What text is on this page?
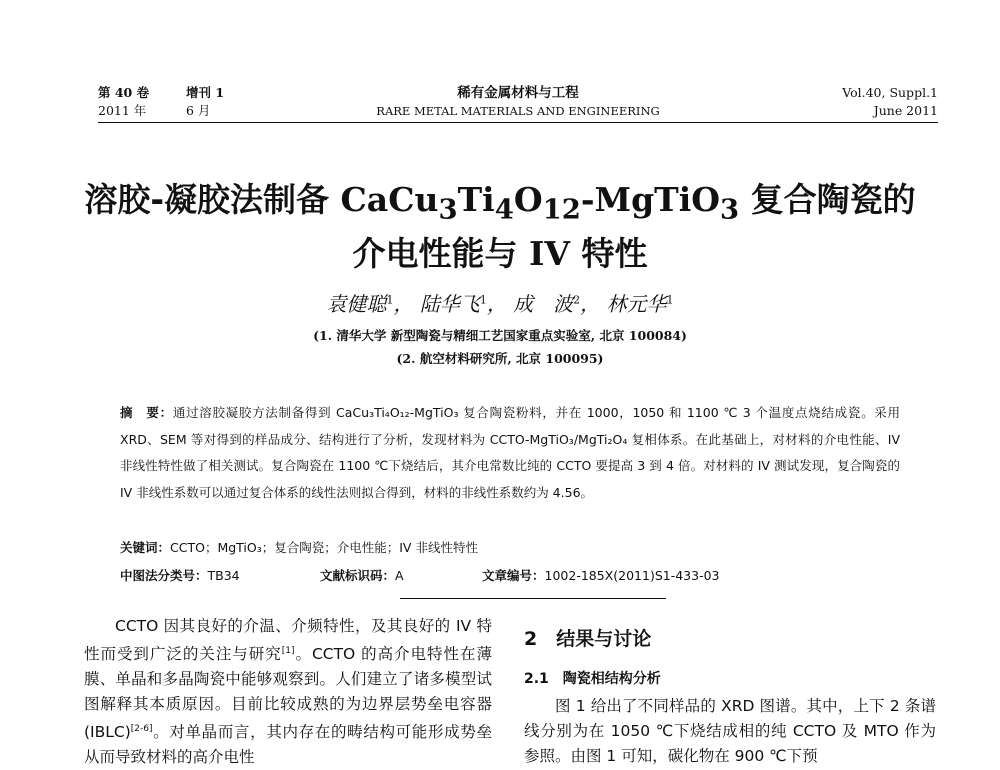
第 40 卷
2011 年
增刊 1
6 月
稀有金属材料与工程
RARE METAL MATERIALS AND ENGINEERING
Vol.40, Suppl.1
June 2011
溶胶-凝胶法制备 $CaCu_3Ti_4O_{12}-MgTiO_3$ 复合陶瓷的
介电性能与 IV 特性
袁健聪$^1$， 陆华飞$^1$， 成　波$^2$， 林元华$^1$
(1. 清华大学 新型陶瓷与精细工艺国家重点实验室, 北京 100084)
(2. 航空材料研究所, 北京 100095)
摘　要：通过溶胶凝胶方法制备得到 CaCu₃Ti₄O₁₂-MgTiO₃ 复合陶瓷粉料，并在 1000，1050 和 1100 ℃ 3 个温度点烧结成瓷。采用 XRD、SEM 等对得到的样品成分、结构进行了分析，发现材料为 CCTO-MgTiO₃/MgTi₂O₄ 复相体系。在此基础上，对材料的介电性能、IV 非线性特性做了相关测试。复合陶瓷在 1100 ℃下烧结后，其介电常数比纯的 CCTO 要提高 3 到 4 倍。对材料的 IV 测试发现，复合陶瓷的 IV 非线性系数可以通过复合体系的线性法则拟合得到，材料的非线性系数约为 4.56。
关键词：CCTO；MgTiO₃；复合陶瓷；介电性能；IV 非线性特性
中图法分类号：TB34	文献标识码：A	文章编号：1002-185X(2011)S1-433-03

CCTO 因其良好的介温、介频特性，及其良好的 IV 特性而受到广泛的关注与研究[1]。CCTO 的高介电特性在薄膜、单晶和多晶陶瓷中能够观察到。人们建立了诸多模型试图解释其本质原因。目前比较成熟的为边界层势垒电容器(IBLC)[2-6]。对单晶而言，其内存在的畴结构可能形成势垒从而导致材料的高介电性

2　结果与讨论
2.1　陶瓷相结构分析

图 1 给出了不同样品的 XRD 图谱。其中，上下 2 条谱线分别为在 1050 ℃下烧结成相的纯 CCTO 及 MTO 作为参照。由图 1 可知，碳化物在 900 ℃下预
